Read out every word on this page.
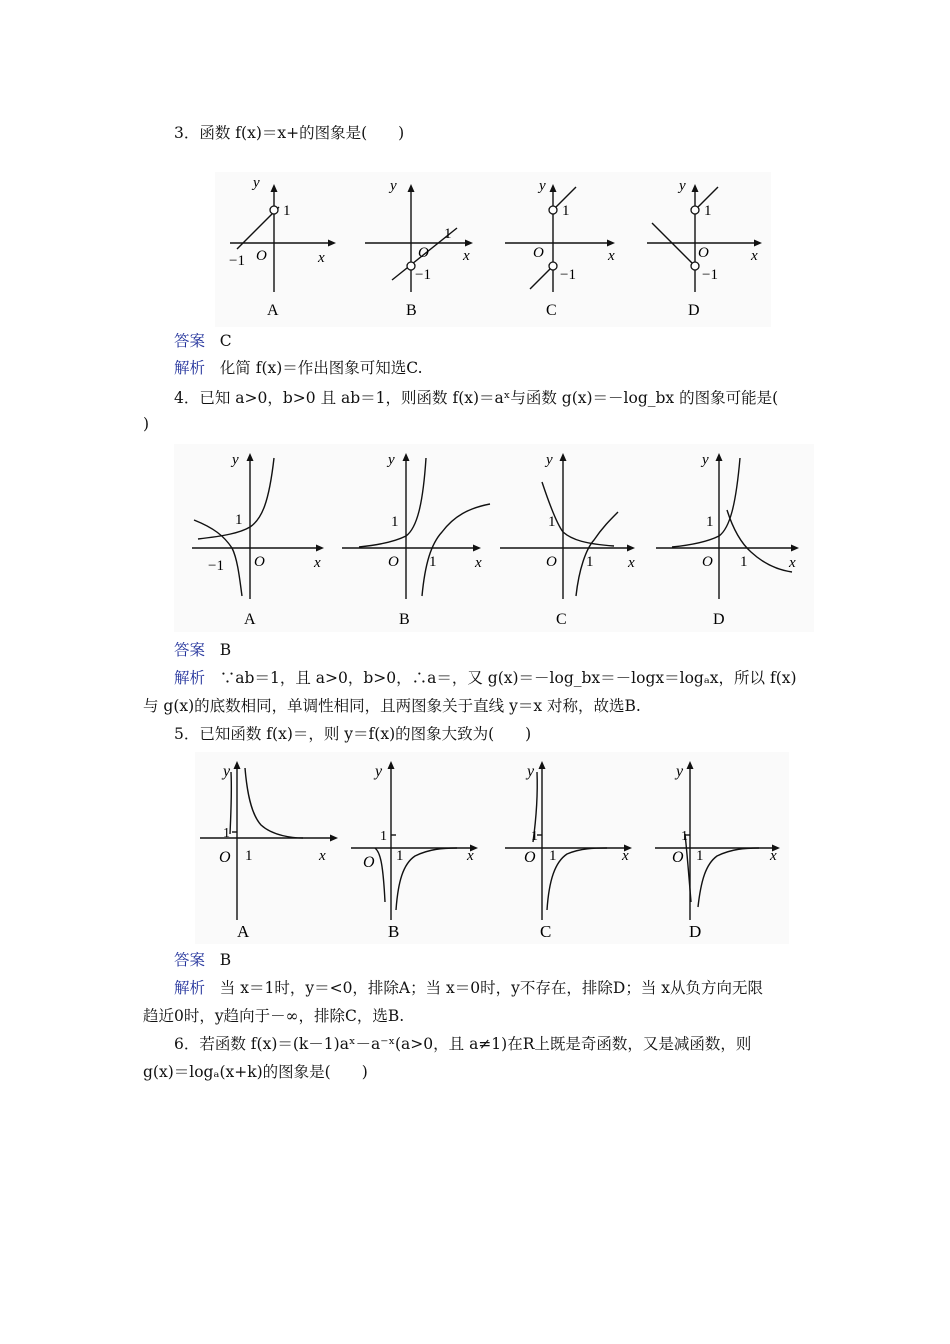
3．函数 f(x)＝x+的图象是(　　)
y
x
O
1
−1
A
y
x
O
1
−1
B
y
x
O
1
−1
C
y
x
O
1
−1
D
答案 C
解析 化简 f(x)＝作出图象可知选C.
4．已知 a>0，b>0 且 ab＝1，则函数 f(x)＝aˣ与函数 g(x)＝－log_bx 的图象可能是(
)
y
x
O
1
−1
A
y
x
O
1
1
B
y
x
O
1
1
C
y
x
O
1
1
D
答案 B
解析 ∵ab＝1，且 a>0，b>0，∴a＝，又 g(x)＝－log_bx＝－logx＝logₐx，所以 f(x)
与 g(x)的底数相同，单调性相同，且两图象关于直线 y＝x 对称，故选B.
5．已知函数 f(x)＝，则 y＝f(x)的图象大致为(　　)
y
x
O
1
1
A
y
x
O
1
1
B
y
x
O
1
1
C
y
x
O
1
1
D
答案 B
解析 当 x＝1时，y＝<0，排除A；当 x＝0时，y不存在，排除D；当 x从负方向无限
趋近0时，y趋向于－∞，排除C，选B.
6．若函数 f(x)＝(k－1)aˣ－a⁻ˣ(a>0，且 a≠1)在R上既是奇函数，又是减函数，则
g(x)＝logₐ(x+k)的图象是(　　)
